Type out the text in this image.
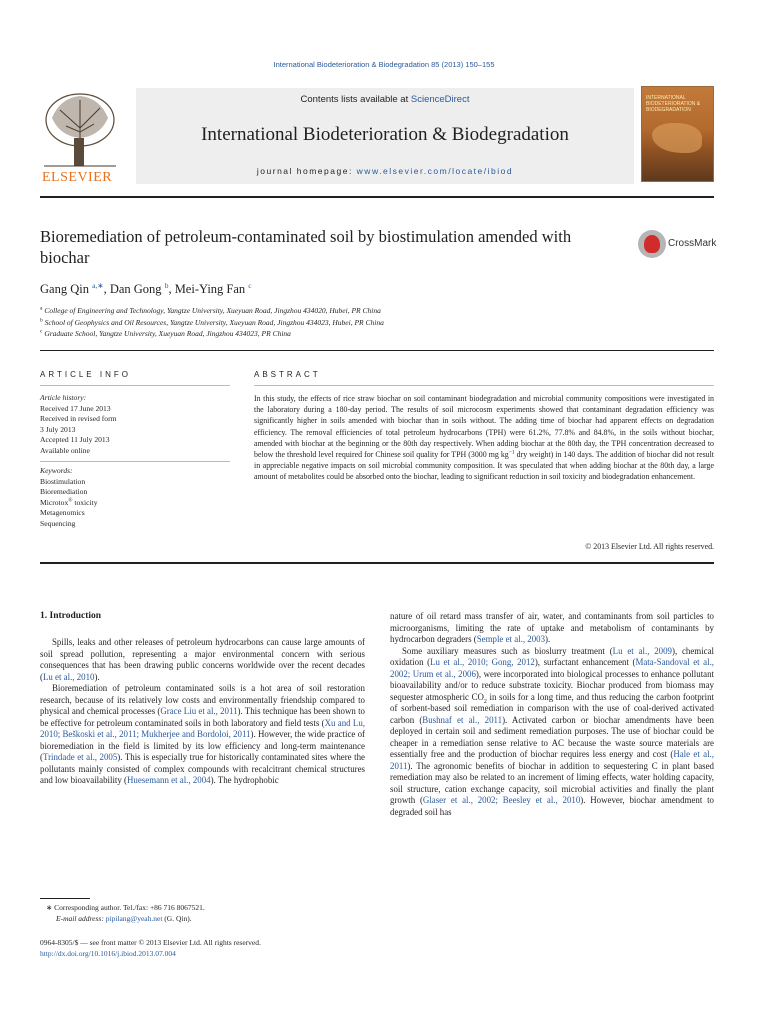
International Biodeterioration & Biodegradation 85 (2013) 150–155
ELSEVIER
Contents lists available at ScienceDirect
International Biodeterioration & Biodegradation
journal homepage: www.elsevier.com/locate/ibiod
INTERNATIONAL BIODETERIORATION & BIODEGRADATION
Bioremediation of petroleum-contaminated soil by biostimulation amended with biochar
CrossMark
Gang Qin $^{a,∗}$, Dan Gong $^b$, Mei-Ying Fan $^c$
$^a$ College of Engineering and Technology, Yangtze University, Xueyuan Road, Jingzhou 434020, Hubei, PR China
$^b$ School of Geophysics and Oil Resources, Yangtze University, Xueyuan Road, Jingzhou 434023, Hubei, PR China
$^c$ Graduate School, Yangtze University, Xueyuan Road, Jingzhou 434023, PR China
ARTICLE INFO	ABSTRACT
Article history:
Received 17 June 2013
Received in revised form
3 July 2013
Accepted 11 July 2013
Available online
Keywords:
Biostimulation
Bioremediation
Microtox® toxicity
Metagenomics
Sequencing
In this study, the effects of rice straw biochar on soil contaminant biodegradation and microbial community compositions were investigated in the laboratory during a 180-day period. The results of soil microcosm experiments showed that contaminant degradation efficiency was significantly higher in soils amended with biochar than in soils without. The adding time of biochar had apparent effects on degradation efficiency. The removal efficiencies of total petroleum hydrocarbons (TPH) were 61.2%, 77.8% and 84.8%, in the soils without biochar, amended with biochar at the beginning or the 80th day respectively. When adding biochar at the 80th day, the TPH concentration decreased to below the threshold level required for Chinese soil quality for TPH (3000 mg $kg^{-1}$ dry weight) in 140 days. The addition of biochar did not result in appreciable negative impacts on soil microbial community composition. It was speculated that when adding biochar at the 80th day, a large amount of metabolites could be absorbed onto the biochar, leading to significant reduction in soil toxicity and biodegradation enhancement.
© 2013 Elsevier Ltd. All rights reserved.
1. Introduction

Spills, leaks and other releases of petroleum hydrocarbons can cause large amounts of soil spread pollution, representing a major environmental concern with serious consequences that has been drawing public concerns worldwide over the recent decades (Lu et al., 2010).

Bioremediation of petroleum contaminated soils is a hot area of soil restoration research, because of its relatively low costs and environmentally friendship compared to physical and chemical processes (Grace Liu et al., 2011). This technique has been shown to be effective for petroleum contaminated soils in both laboratory and field tests (Xu and Lu, 2010; Beškoski et al., 2011; Mukherjee and Bordoloi, 2011). However, the wide practice of bioremediation in the field is limited by its low efficiency and long-term maintenance (Trindade et al., 2005). This is especially true for historically contaminated sites where the pollutants mainly consisted of complex compounds with recalcitrant chemical structures and low bioavailability (Huesemann et al., 2004). The hydrophobic

nature of oil retard mass transfer of air, water, and contaminants from soil particles to microorganisms, limiting the rate of uptake and metabolism of contaminants by hydrocarbon degraders (Semple et al., 2003).

Some auxiliary measures such as bioslurry treatment (Lu et al., 2009), chemical oxidation (Lu et al., 2010; Gong, 2012), surfactant enhancement (Mata-Sandoval et al., 2002; Urum et al., 2006), were incorporated into biological processes to enhance pollutant bioavailability and/or to reduce substrate toxicity. Biochar produced from biomass may sequester atmospheric $CO_2$ in soils for a long time, and thus reducing the carbon footprint of sorbent-based soil remediation in comparison with the use of coal-derived activated carbon (Bushnaf et al., 2011). Activated carbon or biochar amendments have been deployed in certain soil and sediment remediation purposes. The use of biochar could be cheaper in a remediation sense relative to AC because the waste source materials are essentially free and the production of biochar requires less energy and cost (Hale et al., 2011). The agronomic benefits of biochar in addition to sequestering C in plant based remediation may also be related to an increment of liming effects, water holding capacity, soil structure, cation exchange capacity, soil microbial activities and finally the plant growth (Glaser et al., 2002; Beesley et al., 2010). However, biochar amendment to degraded soil has

∗ Corresponding author. Tel./fax: +86 716 8067521.
E-mail address: pipilang@yeah.net (G. Qin).
0964-8305/$ — see front matter © 2013 Elsevier Ltd. All rights reserved.
http://dx.doi.org/10.1016/j.ibiod.2013.07.004
